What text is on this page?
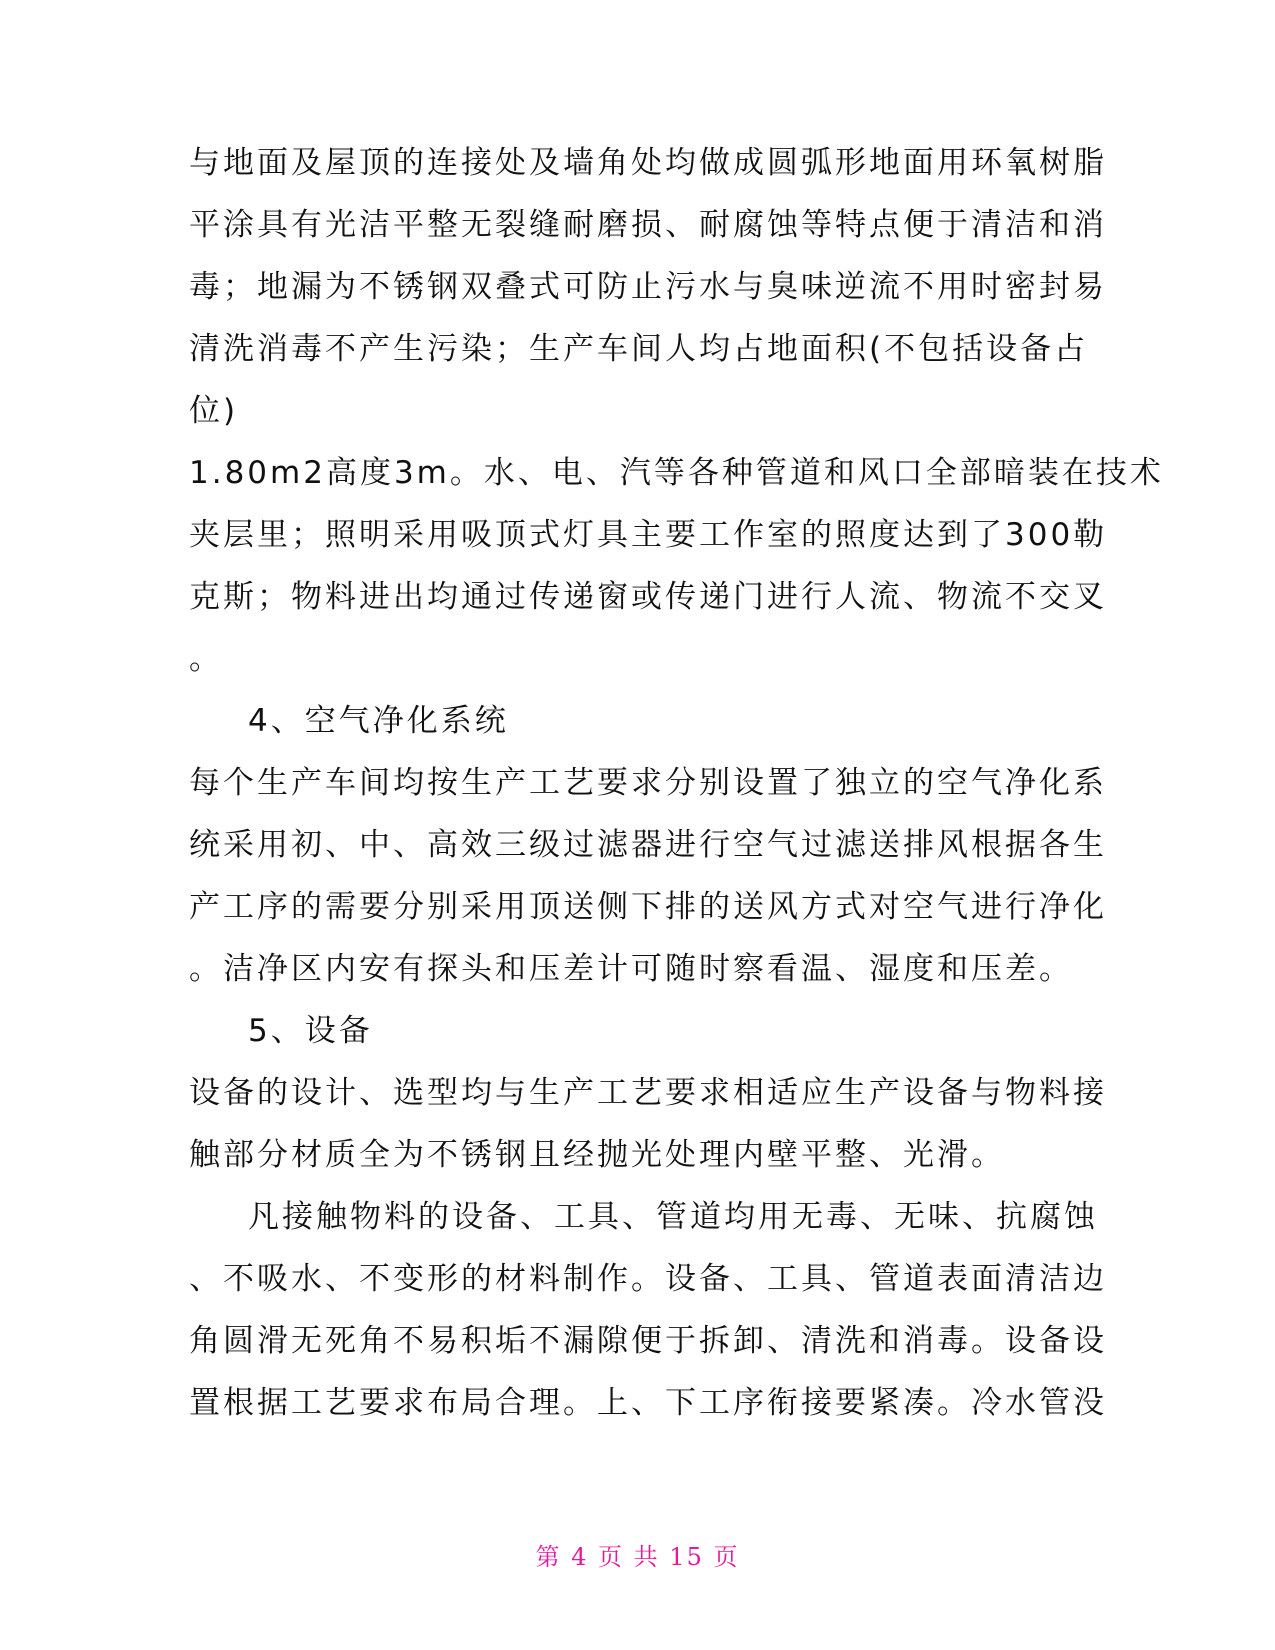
与地面及屋顶的连接处及墙角处均做成圆弧形地面用环氧树脂
平涂具有光洁平整无裂缝耐磨损、耐腐蚀等特点便于清洁和消
毒；地漏为不锈钢双叠式可防止污水与臭味逆流不用时密封易
清洗消毒不产生污染；生产车间人均占地面积(不包括设备占
位)
1.80m2高度3m。水、电、汽等各种管道和风口全部暗装在技术
夹层里；照明采用吸顶式灯具主要工作室的照度达到了300勒
克斯；物料进出均通过传递窗或传递门进行人流、物流不交叉
。
4、空气净化系统
每个生产车间均按生产工艺要求分别设置了独立的空气净化系
统采用初、中、高效三级过滤器进行空气过滤送排风根据各生
产工序的需要分别采用顶送侧下排的送风方式对空气进行净化
。洁净区内安有探头和压差计可随时察看温、湿度和压差。
5、设备
设备的设计、选型均与生产工艺要求相适应生产设备与物料接
触部分材质全为不锈钢且经抛光处理内壁平整、光滑。
凡接触物料的设备、工具、管道均用无毒、无味、抗腐蚀
、不吸水、不变形的材料制作。设备、工具、管道表面清洁边
角圆滑无死角不易积垢不漏隙便于拆卸、清洗和消毒。设备设
置根据工艺要求布局合理。上、下工序衔接要紧凑。冷水管没
第 4 页 共 15 页
